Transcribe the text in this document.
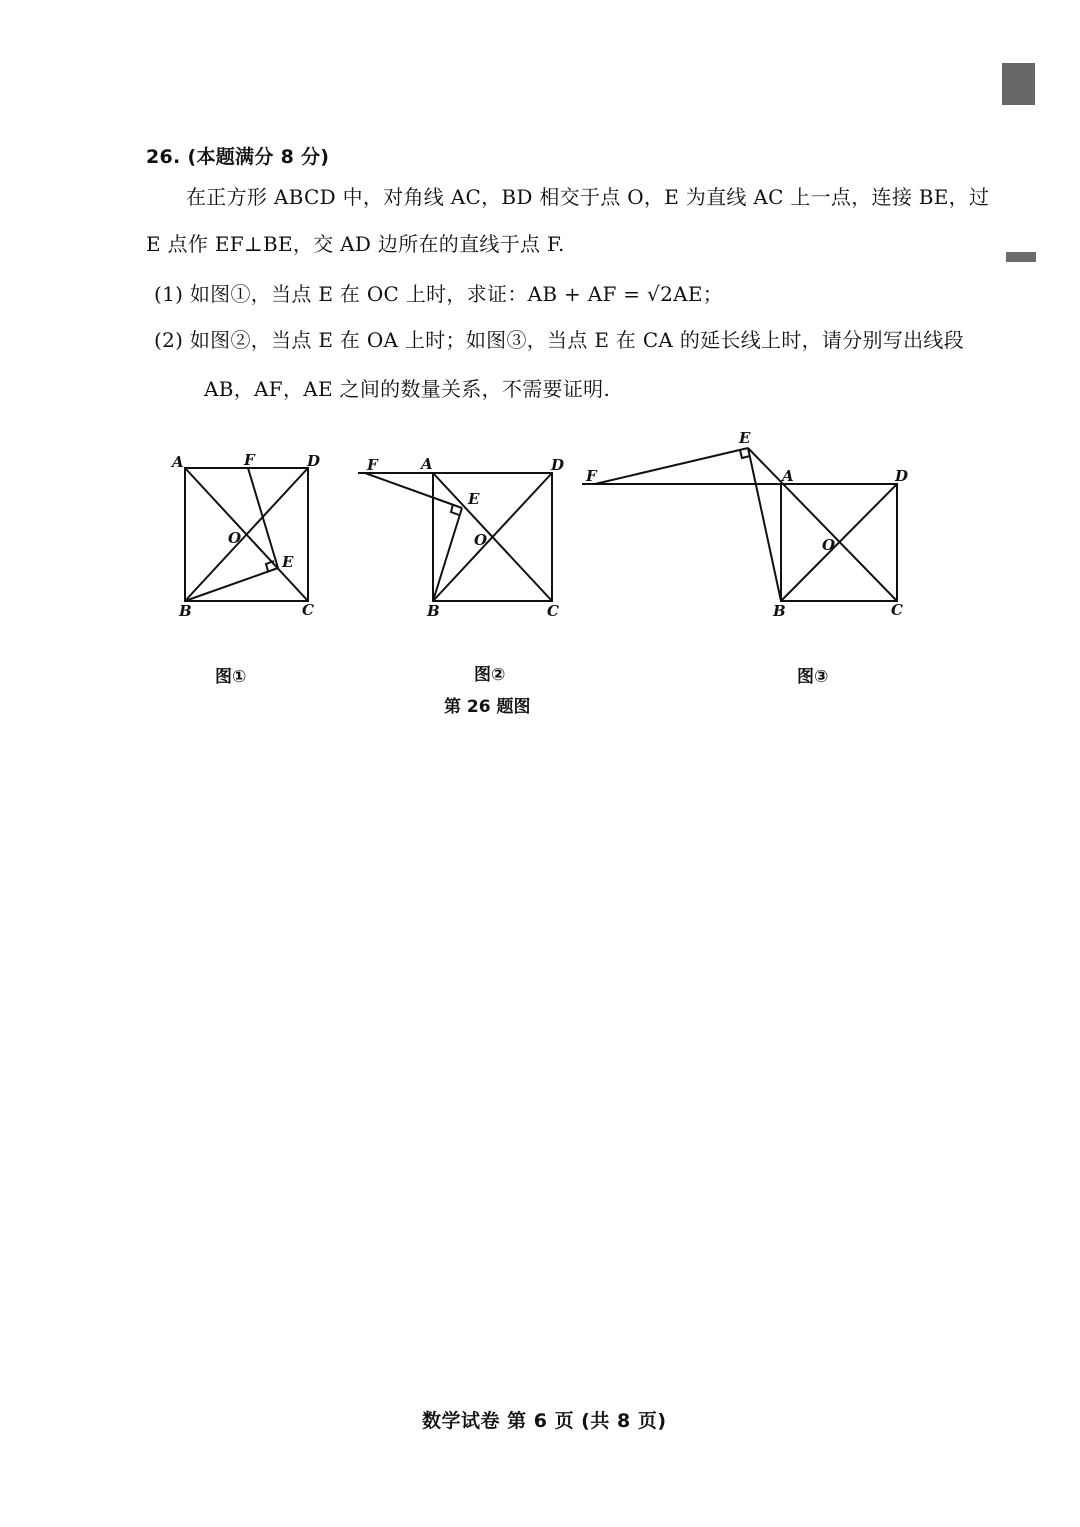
26. (本题满分 8 分)
在正方形 ABCD 中，对角线 AC，BD 相交于点 O，E 为直线 AC 上一点，连接 BE，过
E 点作 EF⊥BE，交 AD 边所在的直线于点 F.
(1) 如图①，当点 E 在 OC 上时，求证：AB + AF = √2AE；
(2) 如图②，当点 E 在 OA 上时；如图③，当点 E 在 CA 的延长线上时，请分别写出线段
AB，AF，AE 之间的数量关系，不需要证明.
A	F	D
O
E
B	C
F	A	D
E
O
B	C
E
F	A	D
O
B	C
图①	图②	图③
第 26 题图
数学试卷 第 6 页 (共 8 页)
